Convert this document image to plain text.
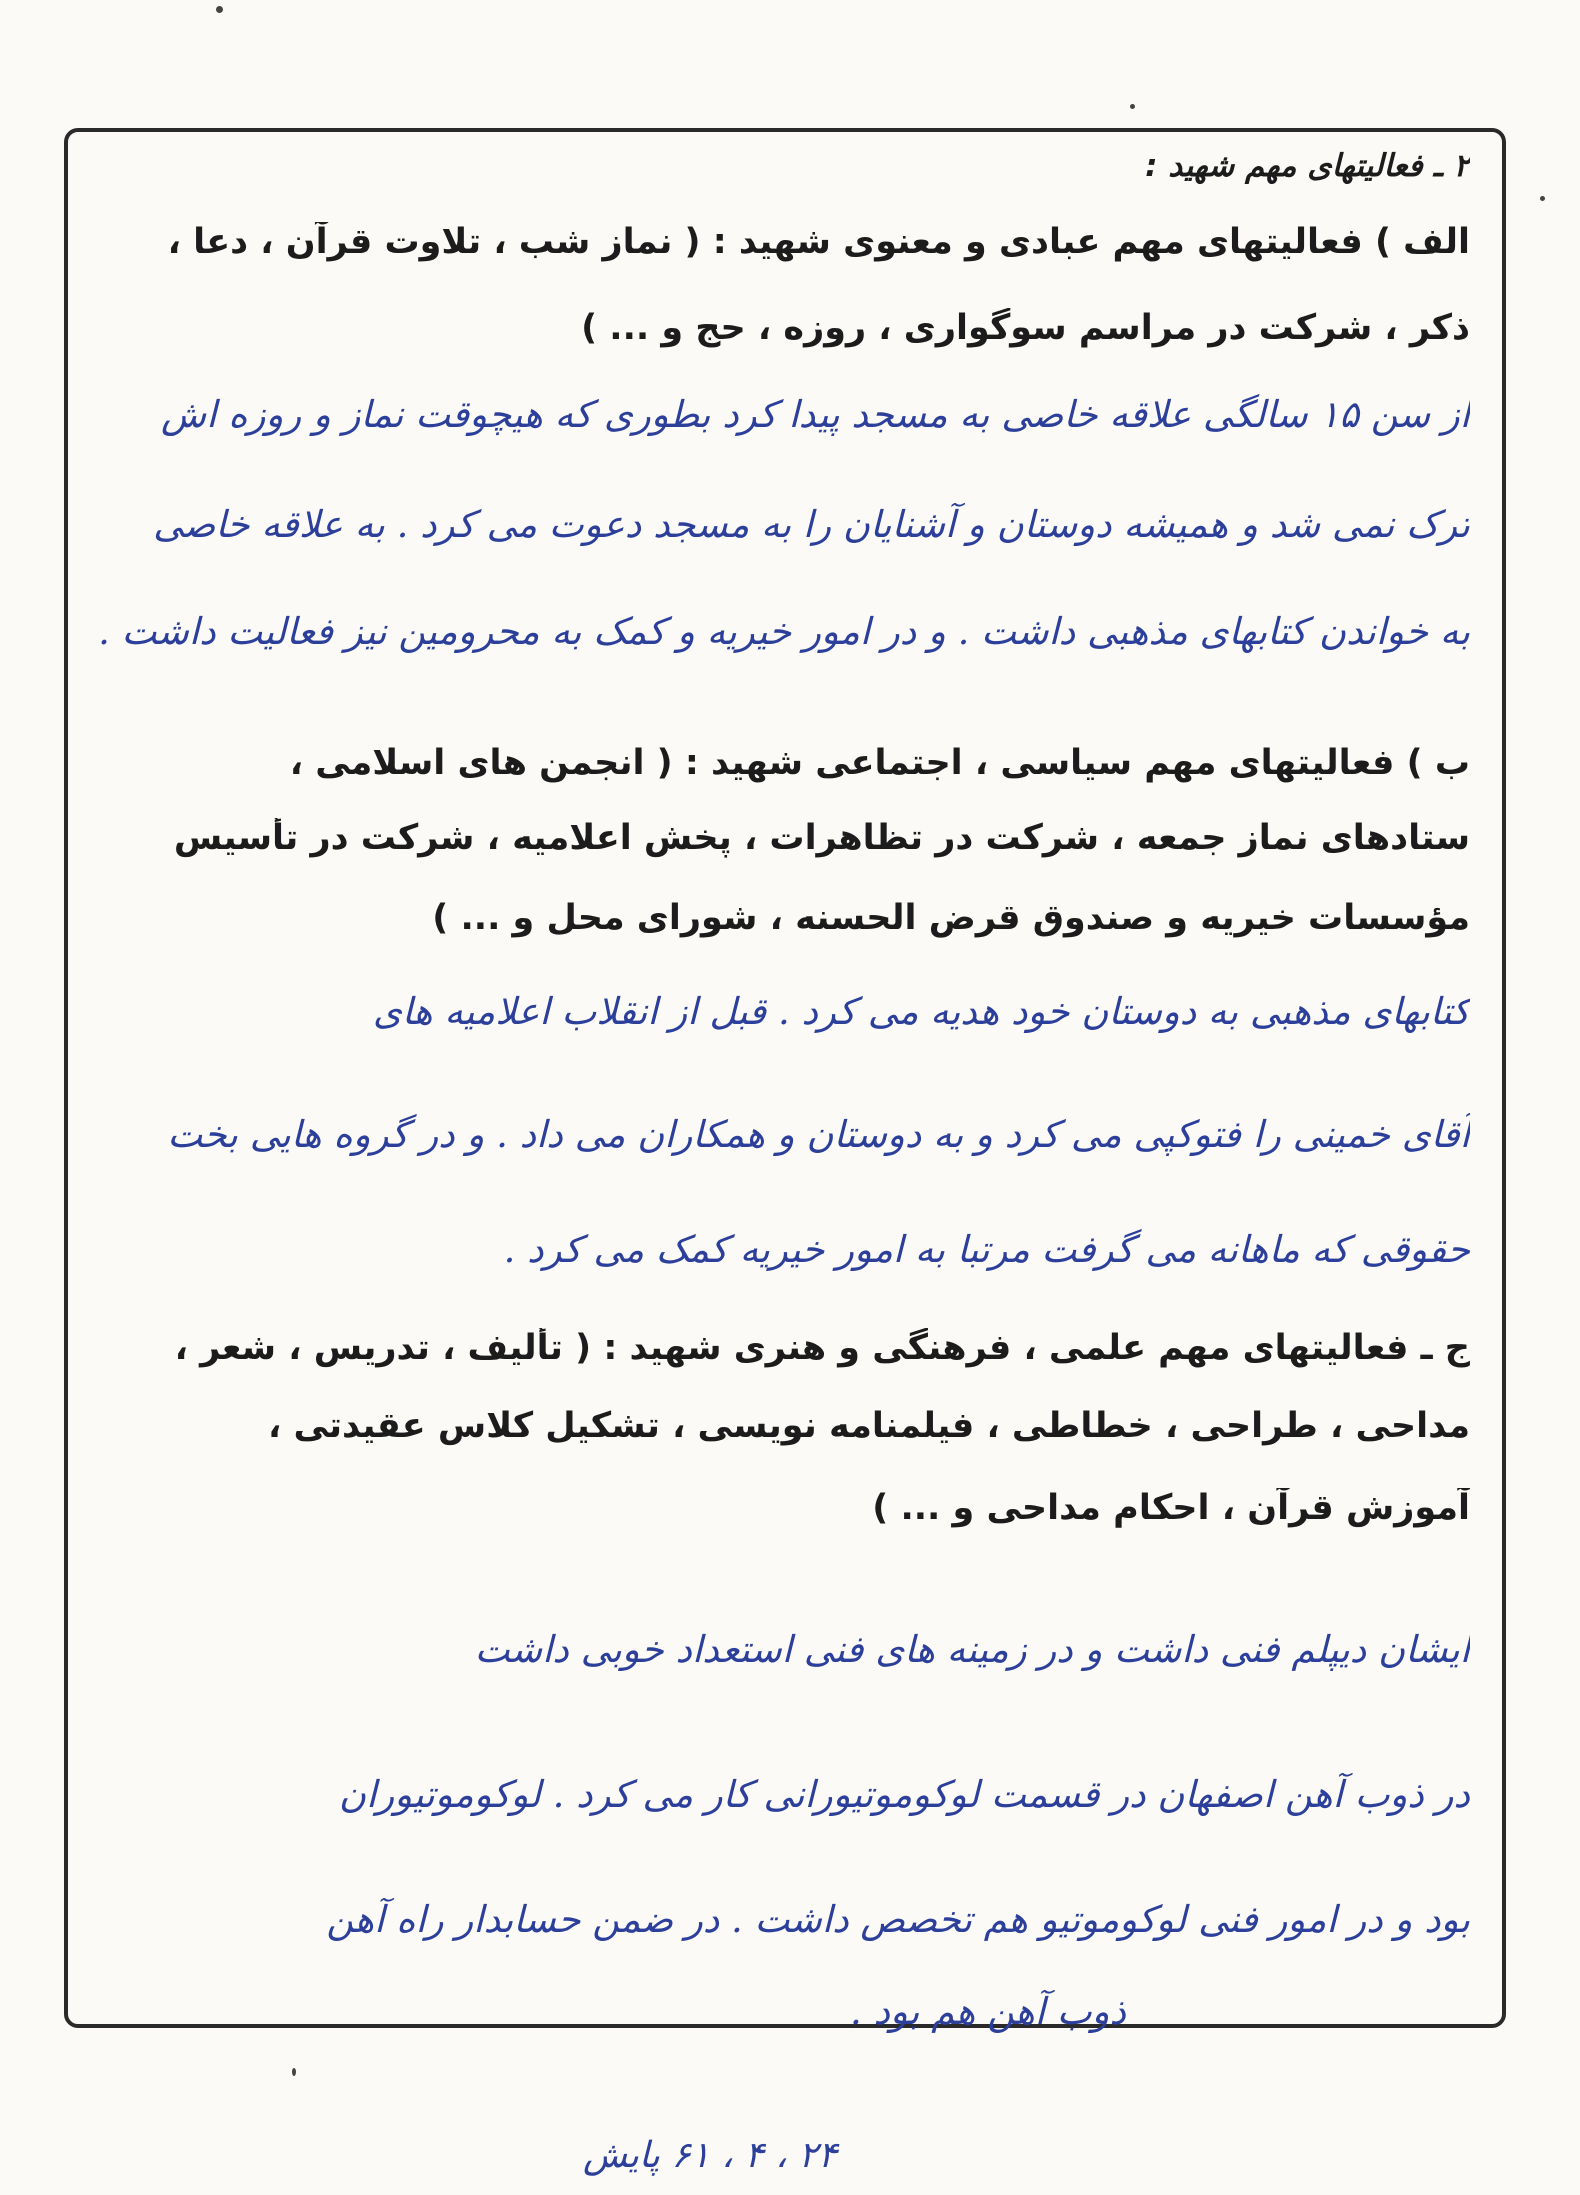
۲ ـ فعالیتهای مهم شهید :
الف ) فعالیتهای مهم عبادی و معنوی شهید : ( نماز شب ، تلاوت قرآن ، دعا ،
ذکر ، شرکت در مراسم سوگواری ، روزه ، حج و ... )
از سن ۱۵ سالگی علاقه خاصی به مسجد پیدا کرد بطوری که هیچوقت نماز و روزه اش
ترک نمی شد و همیشه دوستان و آشنایان را به مسجد دعوت می کرد . به علاقه خاصی
به خواندن کتابهای مذهبی داشت . و در امور خیریه و کمک به محرومین نیز فعالیت داشت .
ب ) فعالیتهای مهم سیاسی ، اجتماعی شهید : ( انجمن های اسلامی ،
ستادهای نماز جمعه ، شرکت در تظاهرات ، پخش اعلامیه ، شرکت در تأسیس
مؤسسات خیریه و صندوق قرض الحسنه ، شورای محل و ... )
کتابهای مذهبی به دوستان خود هدیه می کرد . قبل از انقلاب اعلامیه های
آقای خمینی را فتوکپی می کرد و به دوستان و همکاران می داد . و در گروه هایی بخت
حقوقی که ماهانه می گرفت مرتبا به امور خیریه کمک می کرد .
ج ـ فعالیتهای مهم علمی ، فرهنگی و هنری شهید : ( تألیف ، تدریس ، شعر ،
مداحی ، طراحی ، خطاطی ، فیلمنامه نویسی ، تشکیل کلاس عقیدتی ،
آموزش قرآن ، احکام مداحی و ... )
ایشان دیپلم فنی داشت و در زمینه های فنی استعداد خوبی داشت
در ذوب آهن اصفهان در قسمت لوکوموتیورانی کار می کرد . لوکوموتیوران
بود و در امور فنی لوکوموتیو هم تخصص داشت . در ضمن حسابدار راه آهن
ذوب آهن هم بود .
۲۴ ، ۴ ، ۶۱ پایش
